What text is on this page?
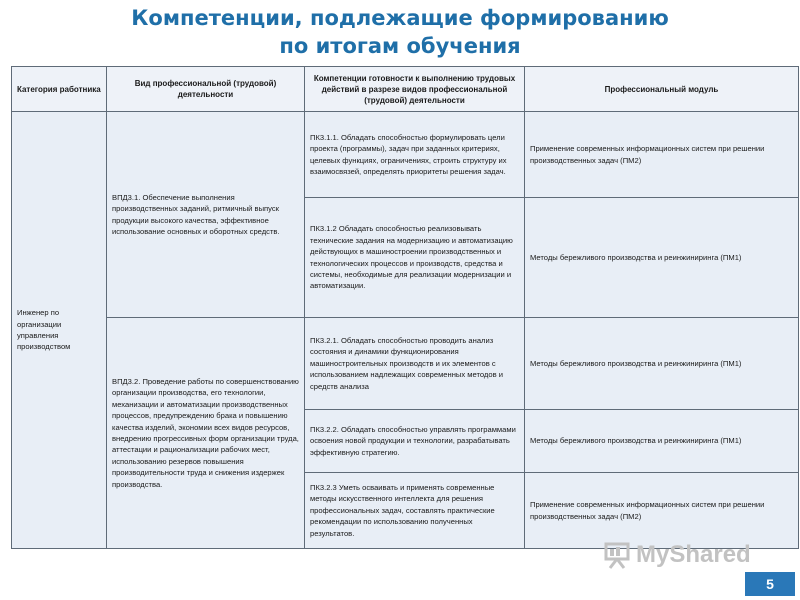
Компетенции, подлежащие формированию
по итогам обучения
Категория работника	Вид профессиональной (трудовой) деятельности	Компетенции готовности к выполнению трудовых действий в разрезе видов профессиональной (трудовой) деятельности	Профессиональный модуль
Инженер по организации управления производством	ВПД3.1. Обеспечение выполнения производственных заданий, ритмичный выпуск продукции высокого качества, эффективное использование основных и оборотных средств.	ПК3.1.1. Обладать способностью формулировать цели проекта (программы), задач при заданных критериях, целевых функциях, ограничениях, строить структуру их взаимосвязей, определять приоритеты решения задач.	Применение современных информационных систем при решении производственных задач (ПМ2)
		ПК3.1.2 Обладать способностью реализовывать технические задания на модернизацию и автоматизацию действующих в машиностроении производственных и технологических процессов и производств, средства и системы, необходимые для реализации модернизации и автоматизации.	Методы бережливого производства и реинжиниринга (ПМ1)
	ВПД3.2. Проведение работы по совершенствованию организации производства, его технологии, механизации и автоматизации производственных процессов, предупреждению брака и повышению качества изделий, экономии всех видов ресурсов, внедрению прогрессивных форм организации труда, аттестации и рационализации рабочих мест, использованию резервов повышения производительности труда и снижения издержек производства.	ПК3.2.1. Обладать способностью проводить анализ состояния и динамики функционирования машиностроительных производств и их элементов с использованием надлежащих современных методов и средств анализа	Методы бережливого производства и реинжиниринга (ПМ1)
		ПК3.2.2. Обладать способностью управлять программами освоения новой продукции и технологии, разрабатывать эффективную стратегию.	Методы бережливого производства и реинжиниринга (ПМ1)
		ПК3.2.3 Уметь осваивать и применять современные методы искусственного интеллекта для решения профессиональных задач, составлять практические рекомендации по использованию полученных результатов.	Применение современных информационных систем при решении производственных задач (ПМ2)
MyShared
5
